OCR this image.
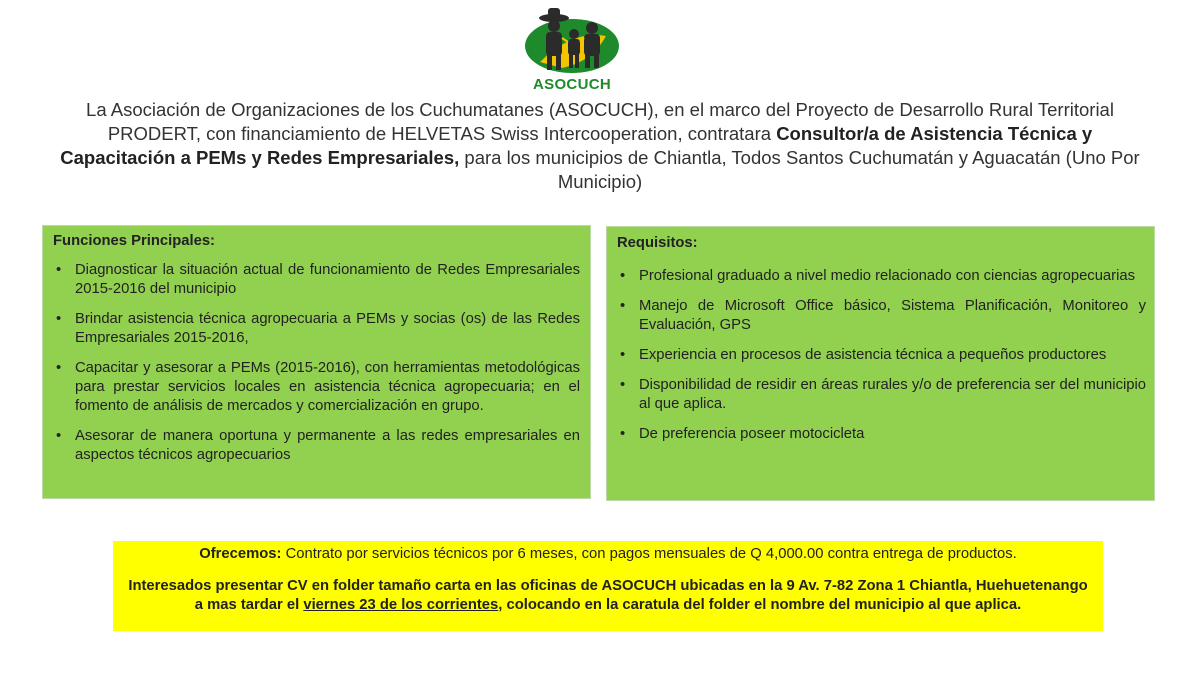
ASOCUCH
La Asociación de Organizaciones de los Cuchumatanes (ASOCUCH), en el marco del Proyecto de Desarrollo Rural Territorial PRODERT, con financiamiento de HELVETAS Swiss Intercooperation, contratara Consultor/a de Asistencia Técnica y Capacitación a PEMs y Redes Empresariales, para los municipios de Chiantla, Todos Santos Cuchumatán y Aguacatán (Uno Por Municipio)
Funciones Principales:
• Diagnosticar la situación actual de funcionamiento de Redes Empresariales 2015-2016 del municipio
• Brindar asistencia técnica agropecuaria a PEMs y socias (os) de las Redes Empresariales 2015-2016,
• Capacitar y asesorar a PEMs (2015-2016), con herramientas metodológicas para prestar servicios locales en asistencia técnica agropecuaria; en el fomento de análisis de mercados y comercialización en grupo.
• Asesorar de manera oportuna y permanente a las redes empresariales en aspectos técnicos agropecuarios
Requisitos:
• Profesional graduado a nivel medio relacionado con ciencias agropecuarias
• Manejo de Microsoft Office básico, Sistema Planificación, Monitoreo y Evaluación, GPS
• Experiencia en procesos de asistencia técnica a pequeños productores
• Disponibilidad de residir en áreas rurales y/o de preferencia ser del municipio al que aplica.
• De preferencia poseer motocicleta

Ofrecemos: Contrato por servicios técnicos por 6 meses, con pagos mensuales de Q 4,000.00 contra entrega de productos.

Interesados presentar CV en folder tamaño carta en las oficinas de ASOCUCH ubicadas en la 9 Av. 7-82 Zona 1 Chiantla, Huehuetenango a mas tardar el viernes 23 de los corrientes, colocando en la caratula del folder el nombre del municipio al que aplica.
